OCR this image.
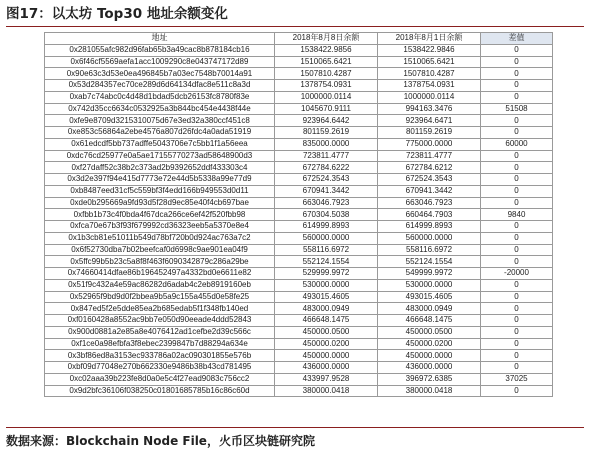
图17：以太坊 Top30 地址余额变化
地址	2018年8月8日余额	2018年8月1日余额	差值
0x281055afc982d96fab65b3a49cac8b878184cb16	1538422.9856	1538422.9846	0
0x6f46cf5569aefa1acc1009290c8e043747172d89	1510065.6421	1510065.6421	0
0x90e63c3d53e0ea496845b7a03ec7548b70014a91	1507810.4287	1507810.4287	0
0x53d284357ec70ce289d6d64134dfac8e511c8a3d	1378754.0931	1378754.0931	0
0xab7c74abc0c4d48d1bdad5dcb26153fc8780f83e	1000000.0114	1000000.0114	0
0x742d35cc6634c0532925a3b844bc454e4438f44e	1045670.9111	994163.3476	51508
0xfe9e8709d3215310075d67e3ed32a380ccf451c8	923964.6442	923964.6471	0
0xe853c56864a2ebe4576a807d26fdc4a0ada51919	801159.2619	801159.2619	0
0x61edcdf5bb737adffe5043706e7c5bb1f1a56eea	835000.0000	775000.0000	60000
0xdc76cd25977e0a5ae17155770273ad58648900d3	723811.4777	723811.4777	0
0xf27daff52c38b2c373ad2b9392652ddf433303c4	672784.6222	672784.6212	0
0x3d2e397f94e415d7773e72e44d5b5338a99e77d9	672524.3543	672524.3543	0
0xb8487eed31cf5c559bf3f4edd166b949553d0d11	670941.3442	670941.3442	0
0xde0b295669a9fd93d5f28d9ec85e40f4cb697bae	663046.7923	663046.7923	0
0xfbb1b73c4f0bda4f67dca266ce6ef42f520fbb98	670304.5038	660464.7903	9840
0xfca70e67b3f93f679992cd36323eeb5a5370e8e4	614999.8993	614999.8993	0
0x1b3cb81e51011b549d78bf720b0d924ac763a7c2	560000.0000	560000.0000	0
0x6f52730dba7b02beefcaf0d6998c9ae901ea04f9	558116.6972	558116.6972	0
0x5ffc99b5b23c5a8f8f463f6090342879c286a29be	552124.1554	552124.1554	0
0x74660414dfae86b196452497a4332bd0e6611e82	529999.9972	549999.9972	-20000
0x51f9c432a4e59ac86282d6adab4c2eb8919160eb	530000.0000	530000.0000	0
0x52965f9bd9d0f2bbea9b5a9c155a455d0e58fe25	493015.4605	493015.4605	0
0x847ed5f2e5dde85ea2b685edab5f1f348fb140ed	483000.0949	483000.0949	0
0xf0160428a8552ac9bb7e050d90eeade4ddd52843	466648.1475	466648.1475	0
0x900d0881a2e85a8e4076412ad1cefbe2d39c566c	450000.0500	450000.0500	0
0xf1ce0a98efbfa3f8ebec2399847b7d88294a634e	450000.0200	450000.0200	0
0x3bf86ed8a3153ec933786a02ac090301855e576b	450000.0000	450000.0000	0
0xbf09d77048e270b662330e9486b38b43cd781495	436000.0000	436000.0000	0
0xc02aaa39b223fe8d0a0e5c4f27ead9083c756cc2	433997.9528	396972.6385	37025
0x9d2bfc36106f038250c01801685785b16c86c60d	380000.0418	380000.0418	0
数据来源：Blockchain Node File，火币区块链研究院
